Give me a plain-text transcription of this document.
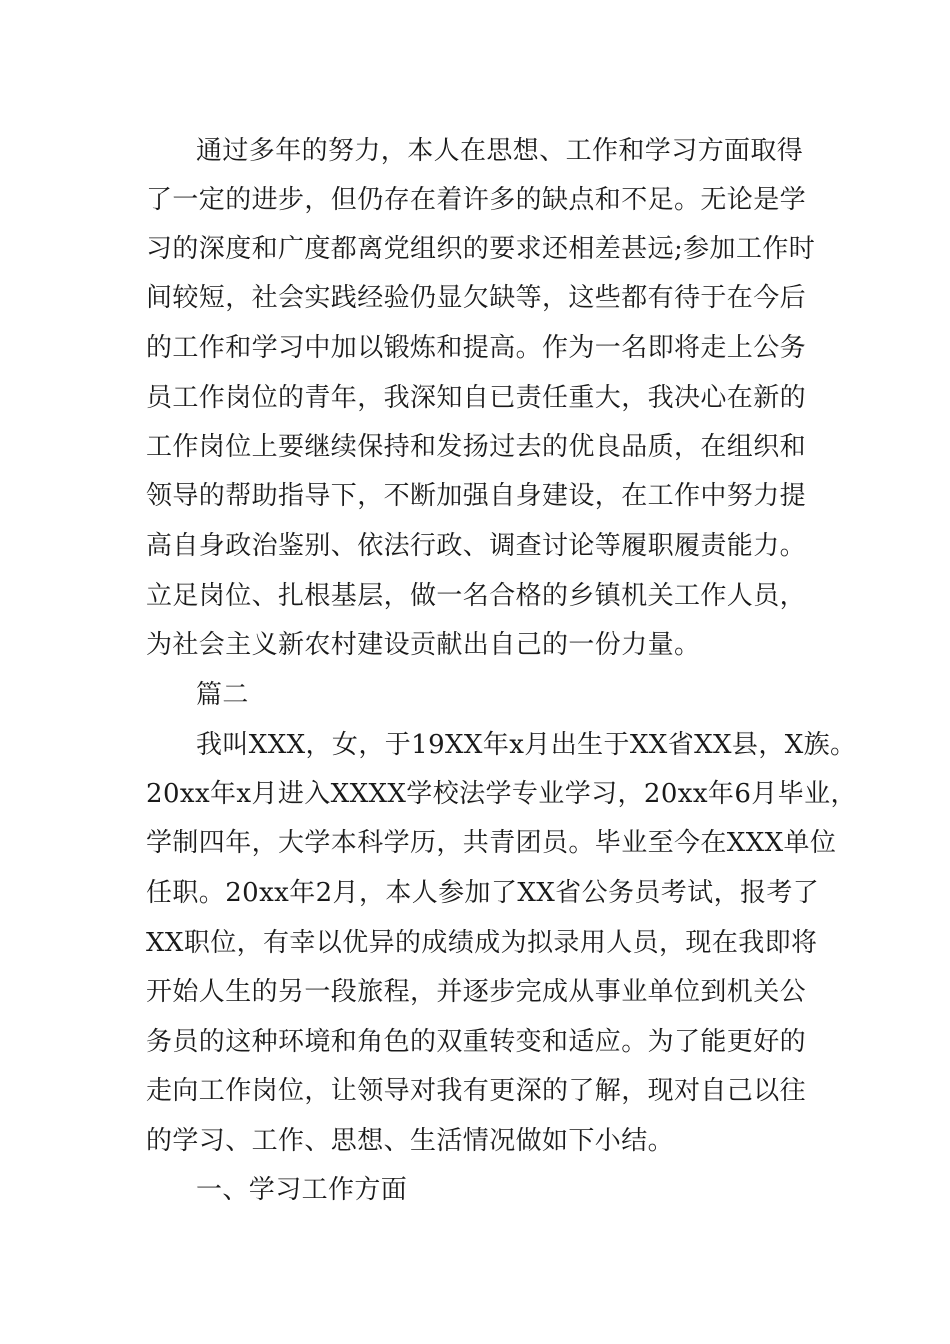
通过多年的努力，本人在思想、工作和学习方面取得
了一定的进步，但仍存在着许多的缺点和不足。无论是学
习的深度和广度都离党组织的要求还相差甚远;参加工作时
间较短，社会实践经验仍显欠缺等，这些都有待于在今后
的工作和学习中加以锻炼和提高。作为一名即将走上公务
员工作岗位的青年，我深知自已责任重大，我决心在新的
工作岗位上要继续保持和发扬过去的优良品质，在组织和
领导的帮助指导下，不断加强自身建设，在工作中努力提
高自身政治鉴别、依法行政、调查讨论等履职履责能力。
立足岗位、扎根基层，做一名合格的乡镇机关工作人员，
为社会主义新农村建设贡献出自己的一份力量。
篇二
我叫XXX，女，于19XX年x月出生于XX省XX县，X族。
20xx年x月进入XXXX学校法学专业学习，20xx年6月毕业，
学制四年，大学本科学历，共青团员。毕业至今在XXX单位
任职。20xx年2月，本人参加了XX省公务员考试，报考了
XX职位，有幸以优异的成绩成为拟录用人员，现在我即将
开始人生的另一段旅程，并逐步完成从事业单位到机关公
务员的这种环境和角色的双重转变和适应。为了能更好的
走向工作岗位，让领导对我有更深的了解，现对自己以往
的学习、工作、思想、生活情况做如下小结。
一、学习工作方面
